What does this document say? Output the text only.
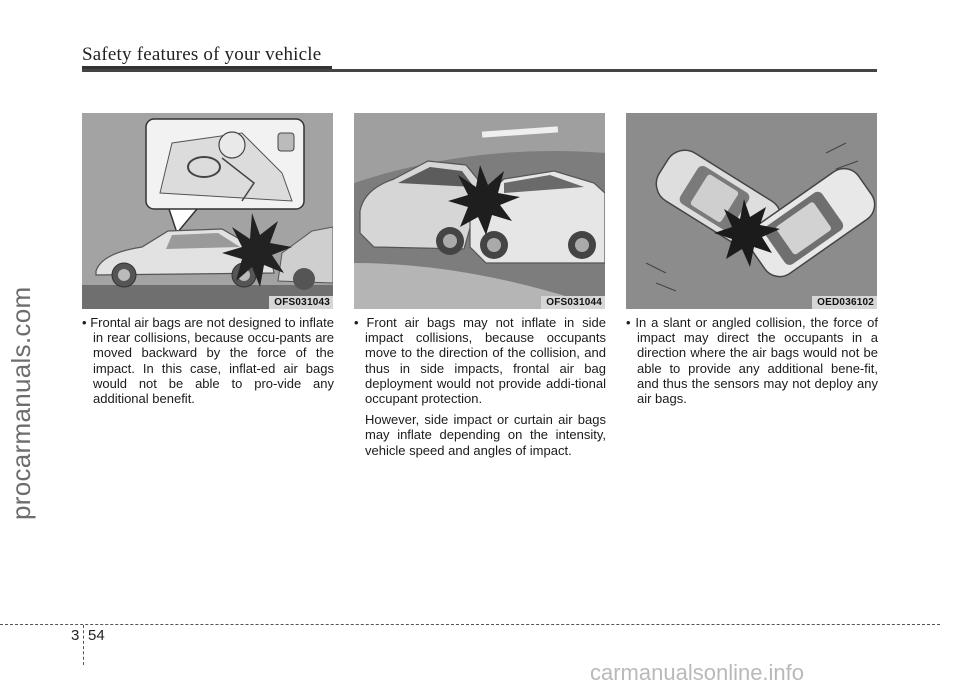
Safety features of your vehicle
procarmanuals.com	OFS031043	OFS031044	OED036102

• Frontal air bags are not designed to inflate in rear collisions, because occu-pants are moved backward by the force of the impact. In this case, inflat-ed air bags would not be able to pro-vide any additional benefit.

• Front air bags may not inflate in side impact collisions, because occupants move to the direction of the collision, and thus in side impacts, frontal air bag deployment would not provide addi-tional occupant protection.

However, side impact or curtain air bags may inflate depending on the intensity, vehicle speed and angles of impact.

• In a slant or angled collision, the force of impact may direct the occupants in a direction where the air bags would not be able to provide any additional bene-fit, and thus the sensors may not deploy any air bags.

3 54
carmanualsonline.info
